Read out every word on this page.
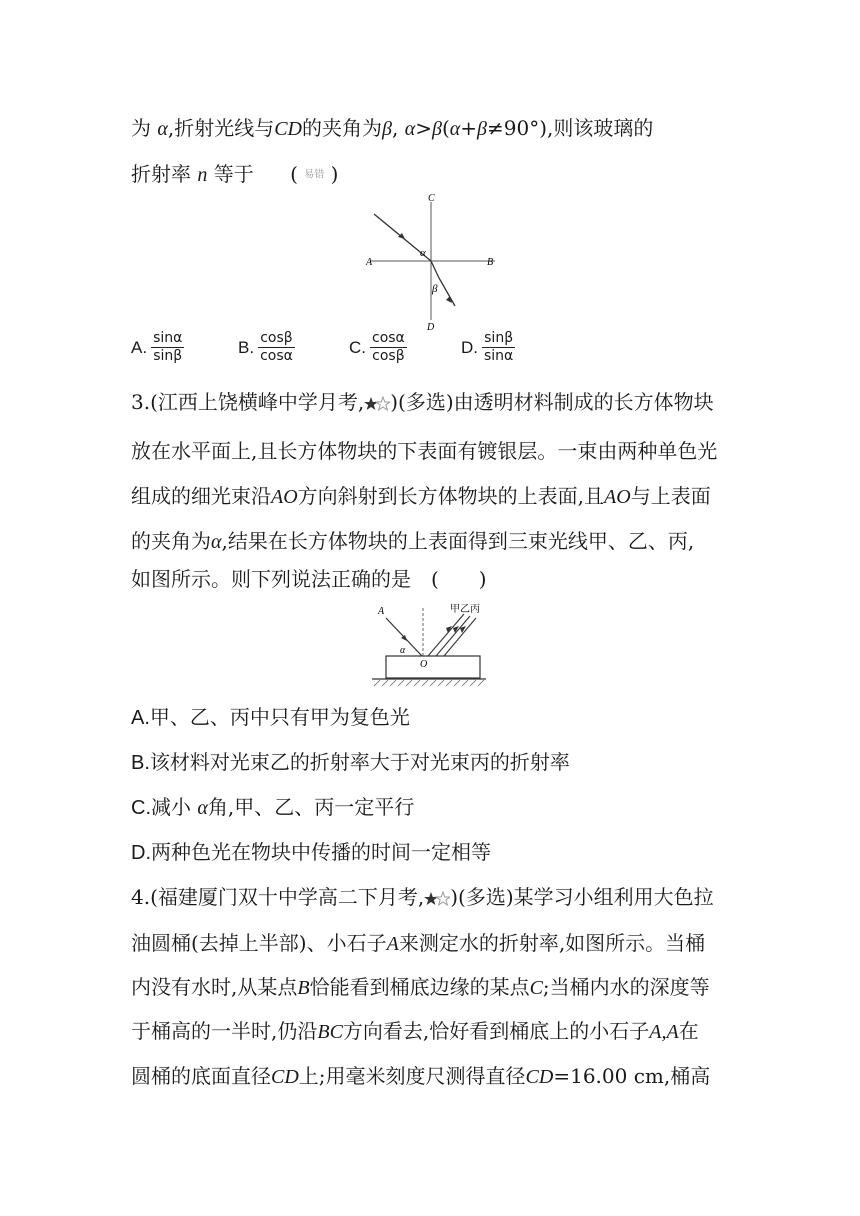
为 α,折射光线与CD的夹角为β, α>β(α+β≠90°),则该玻璃的
折射率 n 等于 ( 易错 )
C
A	B
D
α
β
A. $\frac{\sin\alpha}{\sin\beta}$	B. $\frac{\cos\beta}{\cos\alpha}$	C. $\frac{\cos\alpha}{\cos\beta}$	D. $\frac{\sin\beta}{\sin\alpha}$
3.(江西上饶横峰中学月考, )(多选)由透明材料制成的长方体物块
放在水平面上,且长方体物块的下表面有镀银层。一束由两种单色光
组成的细光束沿AO方向斜射到长方体物块的上表面,且AO与上表面
的夹角为α,结果在长方体物块的上表面得到三束光线甲、乙、丙,
如图所示。则下列说法正确的是　(　　)
A
O
α
甲乙丙
A.甲、乙、丙中只有甲为复色光
B.该材料对光束乙的折射率大于对光束丙的折射率
C.减小 α角,甲、乙、丙一定平行
D.两种色光在物块中传播的时间一定相等
4.(福建厦门双十中学高二下月考, )(多选)某学习小组利用大色拉
油圆桶(去掉上半部)、小石子A来测定水的折射率,如图所示。当桶
内没有水时,从某点B恰能看到桶底边缘的某点C;当桶内水的深度等
于桶高的一半时,仍沿BC方向看去,恰好看到桶底上的小石子A,A在
圆桶的底面直径CD上;用毫米刻度尺测得直径CD=16.00 cm,桶高
